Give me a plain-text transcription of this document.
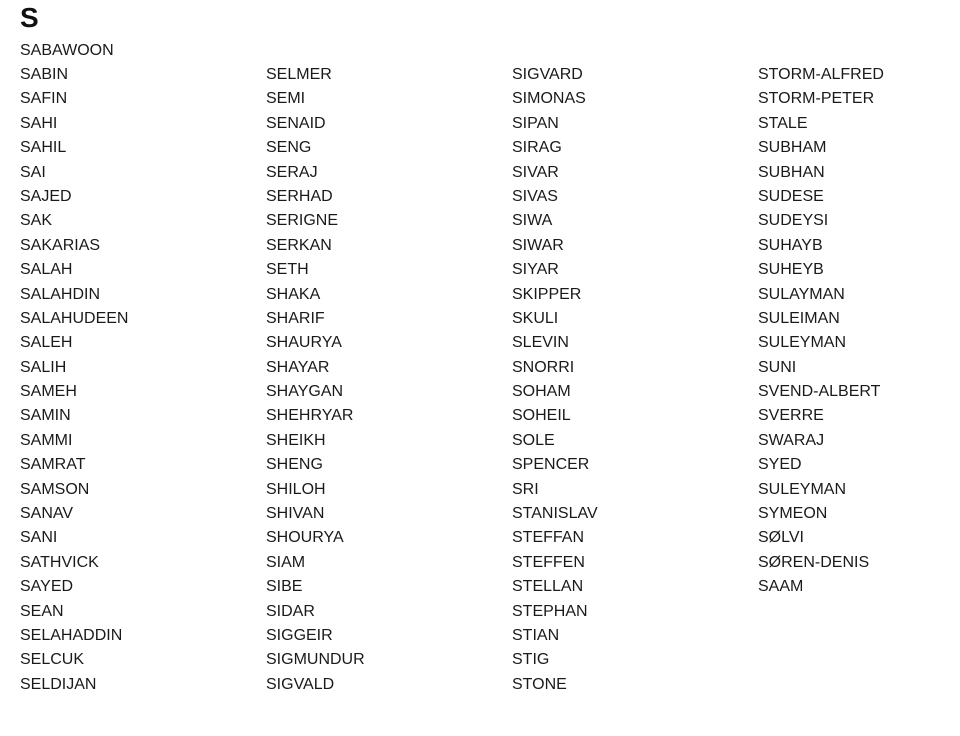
S
SABAWOON
SABIN
SAFIN
SAHI
SAHIL
SAI
SAJED
SAK
SAKARIAS
SALAH
SALAHDIN
SALAHUDEEN
SALEH
SALIH
SAMEH
SAMIN
SAMMI
SAMRAT
SAMSON
SANAV
SANI
SATHVICK
SAYED
SEAN
SELAHADDIN
SELCUK
SELDIJAN
SELMER
SEMI
SENAID
SENG
SERAJ
SERHAD
SERIGNE
SERKAN
SETH
SHAKA
SHARIF
SHAURYA
SHAYAR
SHAYGAN
SHEHRYAR
SHEIKH
SHENG
SHILOH
SHIVAN
SHOURYA
SIAM
SIBE
SIDAR
SIGGEIR
SIGMUNDUR
SIGVALD
SIGVARD
SIMONAS
SIPAN
SIRAG
SIVAR
SIVAS
SIWA
SIWAR
SIYAR
SKIPPER
SKULI
SLEVIN
SNORRI
SOHAM
SOHEIL
SOLE
SPENCER
SRI
STANISLAV
STEFFAN
STEFFEN
STELLAN
STEPHAN
STIAN
STIG
STONE
STORM-ALFRED
STORM-PETER
STALE
SUBHAM
SUBHAN
SUDESE
SUDEYSI
SUHAYB
SUHEYB
SULAYMAN
SULEIMAN
SULEYMAN
SUNI
SVEND-ALBERT
SVERRE
SWARAJ
SYED
SULEYMAN
SYMEON
SØLVI
SØREN-DENIS
SAAM
